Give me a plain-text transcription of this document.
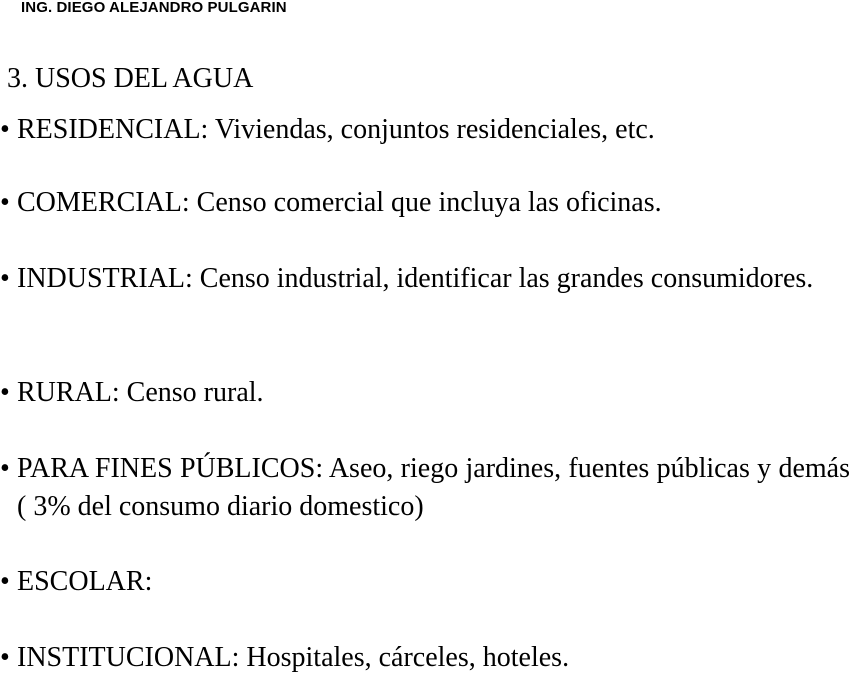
ING. DIEGO ALEJANDRO PULGARIN
3. USOS DEL AGUA
• RESIDENCIAL: Viviendas, conjuntos residenciales, etc.
• COMERCIAL: Censo comercial que incluya las oficinas.
• INDUSTRIAL: Censo industrial, identificar las grandes consumidores.
• RURAL: Censo rural.
• PARA FINES PÚBLICOS: Aseo, riego jardines, fuentes públicas y demás ( 3% del consumo diario domestico)
• ESCOLAR:
• INSTITUCIONAL: Hospitales, cárceles, hoteles.
